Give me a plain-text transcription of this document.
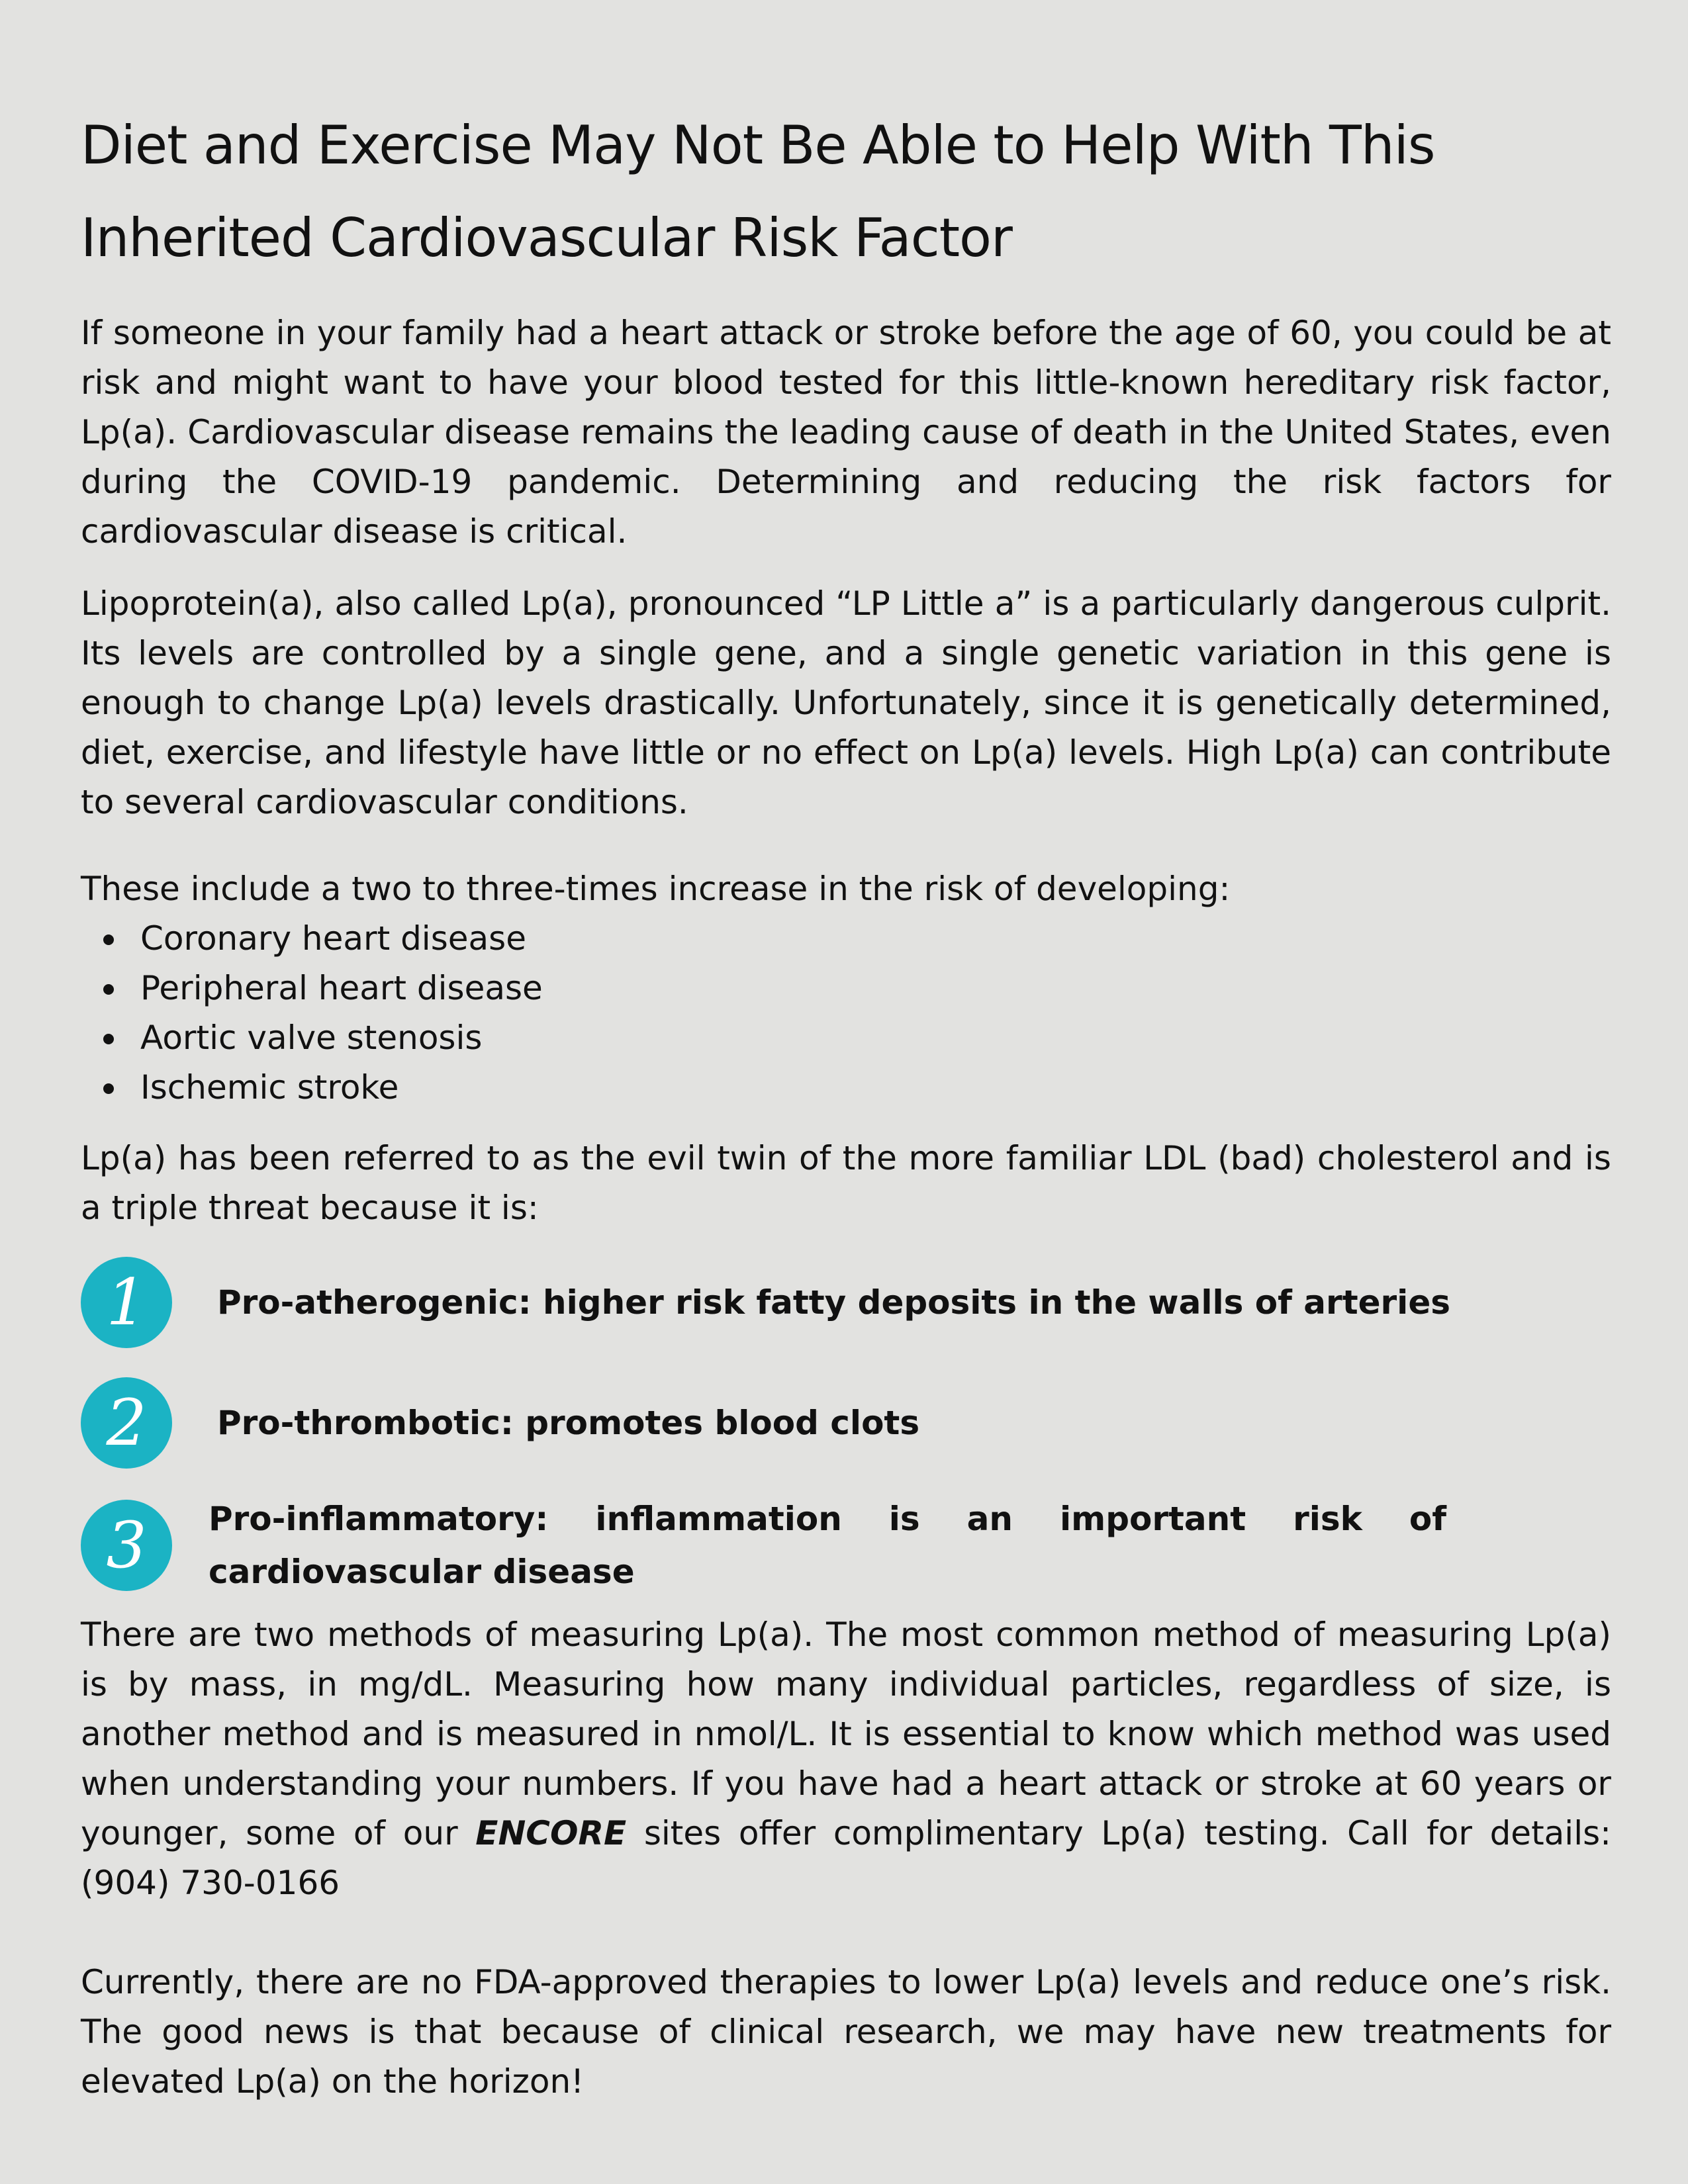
Diet and Exercise May Not Be Able to Help With This
Inherited Cardiovascular Risk Factor

If someone in your family had a heart attack or stroke before the age of 60, you could be at risk and might want to have your blood tested for this little-known hereditary risk factor, Lp(a). Cardiovascular disease remains the leading cause of death in the United States, even during the COVID-19 pandemic. Determining and reducing the risk factors for cardiovascular disease is critical.

Lipoprotein(a), also called Lp(a), pronounced “LP Little a” is a particularly dangerous culprit. Its levels are controlled by a single gene, and a single genetic variation in this gene is enough to change Lp(a) levels drastically. Unfortunately, since it is genetically determined, diet, exercise, and lifestyle have little or no effect on Lp(a) levels. High Lp(a) can contribute to several cardiovascular conditions.

These include a two to three-times increase in the risk of developing:

Coronary heart disease
Peripheral heart disease
Aortic valve stenosis
Ischemic stroke

Lp(a) has been referred to as the evil twin of the more familiar LDL (bad) cholesterol and is a triple threat because it is:

1	Pro-atherogenic: higher risk fatty deposits in the walls of arteries
2	Pro-thrombotic: promotes blood clots
3	Pro-inflammatory: inflammation is an important risk of cardiovascular disease

There are two methods of measuring Lp(a). The most common method of measuring Lp(a) is by mass, in mg/dL. Measuring how many individual particles, regardless of size, is another method and is measured in nmol/L. It is essential to know which method was used when understanding your numbers. If you have had a heart attack or stroke at 60 years or younger, some of our ENCORE sites offer complimentary Lp(a) testing. Call for details: (904) 730-0166

Currently, there are no FDA-approved therapies to lower Lp(a) levels and reduce one’s risk. The good news is that because of clinical research, we may have new treatments for elevated Lp(a) on the horizon!
